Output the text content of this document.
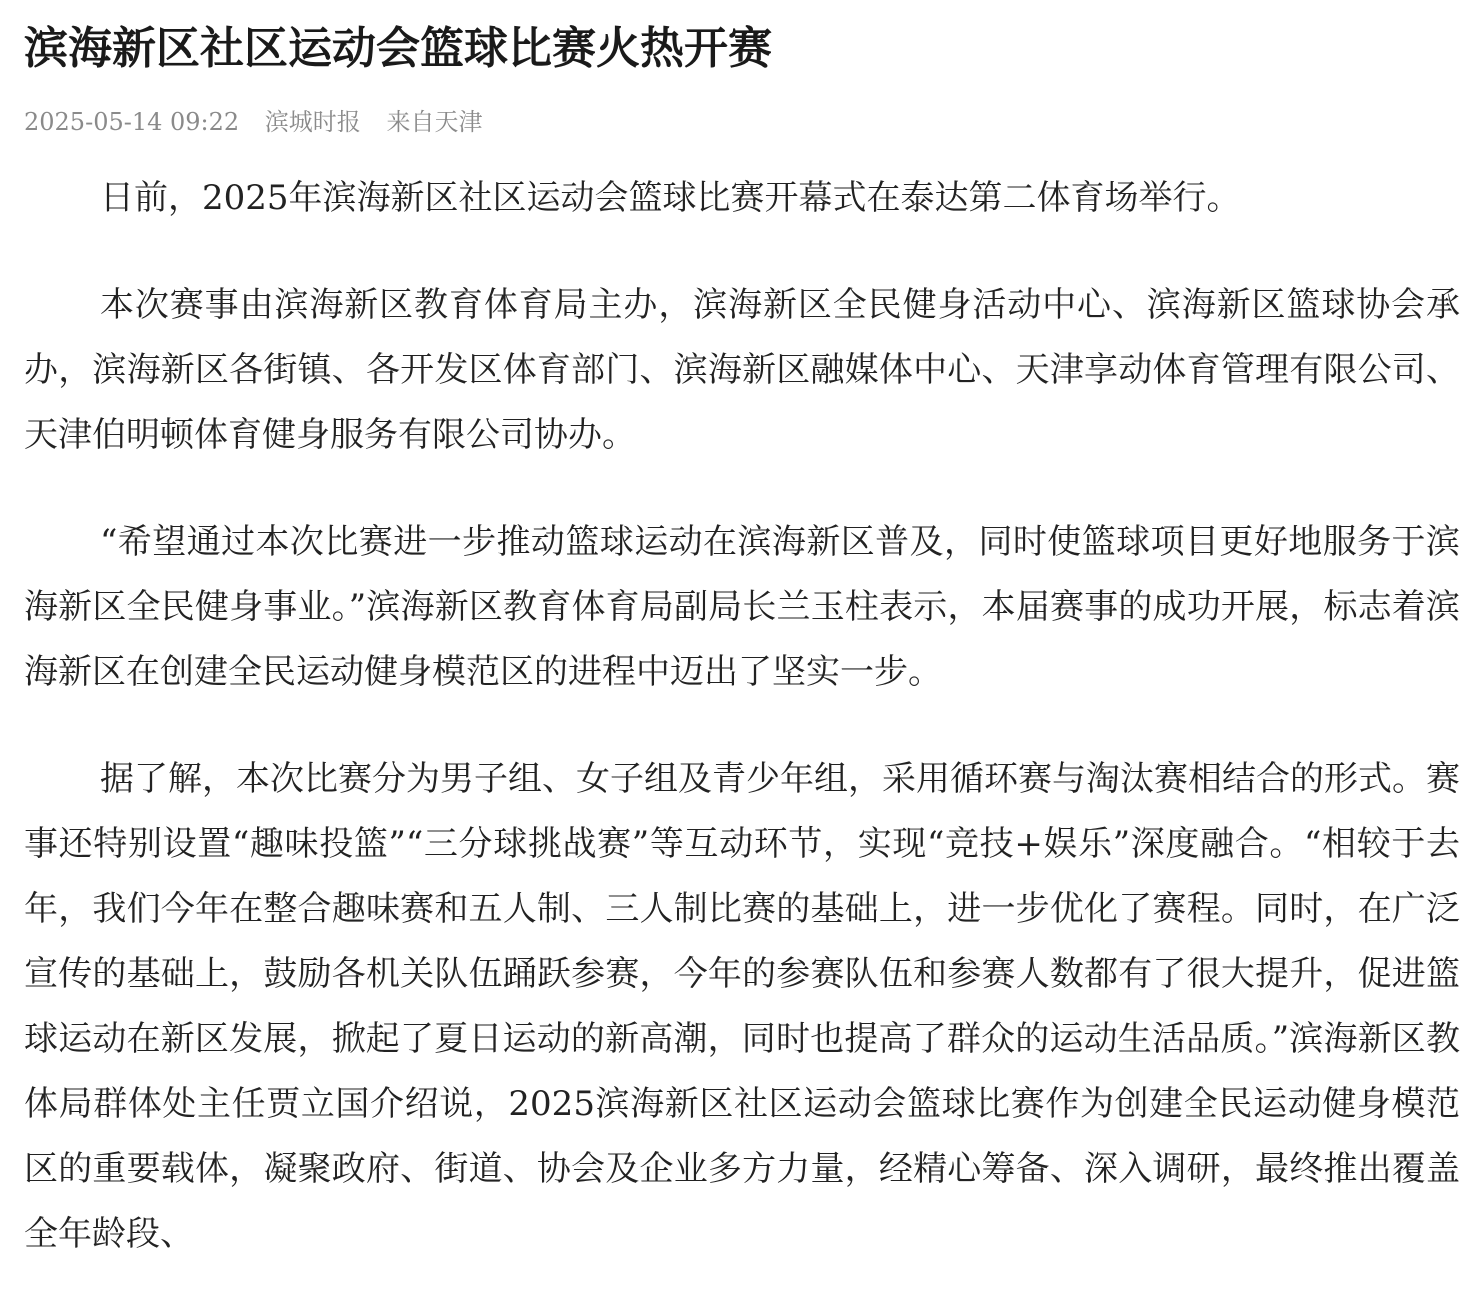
滨海新区社区运动会篮球比赛火热开赛
2025-05-14 09:22 滨城时报 来自天津

日前，2025年滨海新区社区运动会篮球比赛开幕式在泰达第二体育场举行。

本次赛事由滨海新区教育体育局主办，滨海新区全民健身活动中心、滨海新区篮球协会承办，滨海新区各街镇、各开发区体育部门、滨海新区融媒体中心、天津享动体育管理有限公司、天津伯明顿体育健身服务有限公司协办。

“希望通过本次比赛进一步推动篮球运动在滨海新区普及，同时使篮球项目更好地服务于滨海新区全民健身事业。”滨海新区教育体育局副局长兰玉柱表示，本届赛事的成功开展，标志着滨海新区在创建全民运动健身模范区的进程中迈出了坚实一步。

据了解，本次比赛分为男子组、女子组及青少年组，采用循环赛与淘汰赛相结合的形式。赛事还特别设置“趣味投篮”“三分球挑战赛”等互动环节，实现“竞技+娱乐”深度融合。“相较于去年，我们今年在整合趣味赛和五人制、三人制比赛的基础上，进一步优化了赛程。同时，在广泛宣传的基础上，鼓励各机关队伍踊跃参赛，今年的参赛队伍和参赛人数都有了很大提升，促进篮球运动在新区发展，掀起了夏日运动的新高潮，同时也提高了群众的运动生活品质。”滨海新区教体局群体处主任贾立国介绍说，2025滨海新区社区运动会篮球比赛作为创建全民运动健身模范区的重要载体，凝聚政府、街道、协会及企业多方力量，经精心筹备、深入调研，最终推出覆盖全年龄段、
